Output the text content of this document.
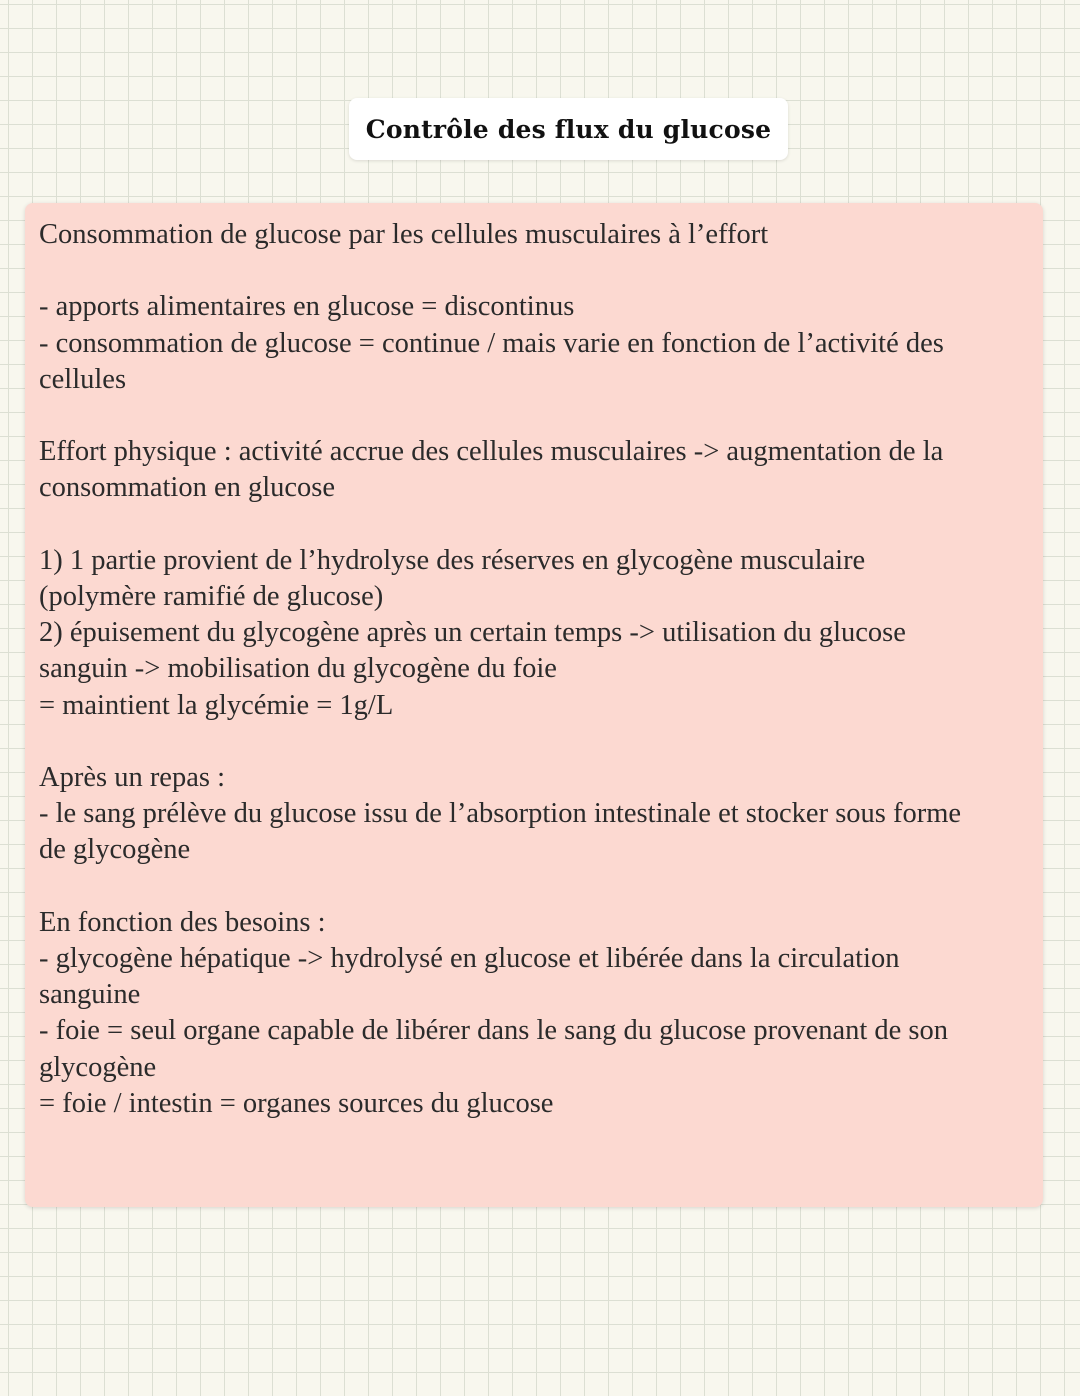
Contrôle des flux du glucose
Consommation de glucose par les cellules musculaires à l’effort
- apports alimentaires en glucose = discontinus
- consommation de glucose = continue / mais varie en fonction de l’activité des
cellules
Effort physique : activité accrue des cellules musculaires -> augmentation de la
consommation en glucose
1) 1 partie provient de l’hydrolyse des réserves en glycogène musculaire
(polymère ramifié de glucose)
2) épuisement du glycogène après un certain temps -> utilisation du glucose
sanguin -> mobilisation du glycogène du foie
= maintient la glycémie = 1g/L
Après un repas :
- le sang prélève du glucose issu de l’absorption intestinale et stocker sous forme
de glycogène
En fonction des besoins :
- glycogène hépatique -> hydrolysé en glucose et libérée dans la circulation
sanguine
- foie = seul organe capable de libérer dans le sang du glucose provenant de son
glycogène
= foie / intestin = organes sources du glucose
